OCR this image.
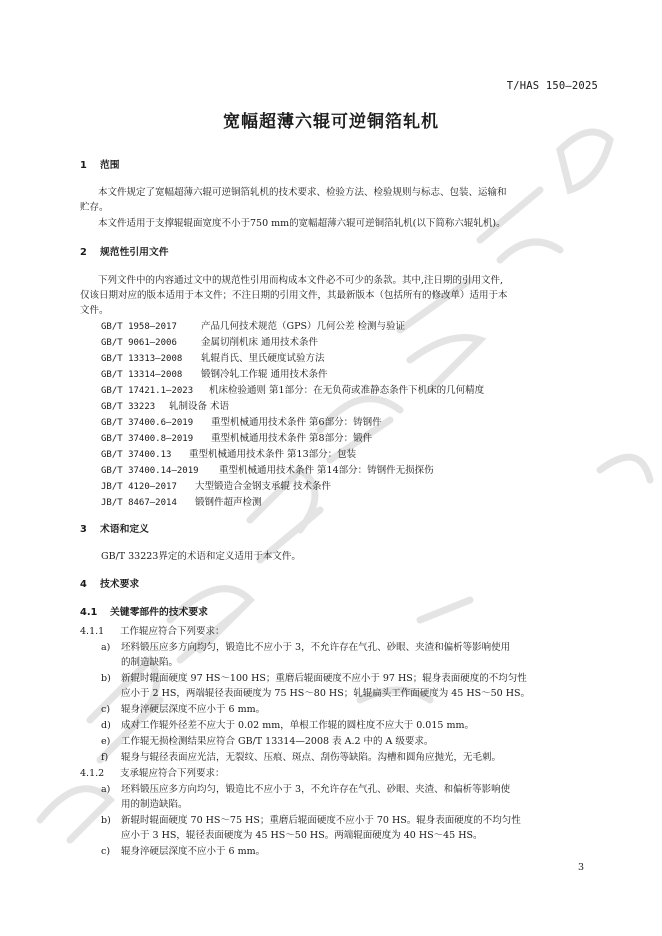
T/HAS 150—2025
宽幅超薄六辊可逆铜箔轧机
1 范围
本文件规定了宽幅超薄六辊可逆铜箔轧机的技术要求、检验方法、检验规则与标志、包装、运输和
贮存。
本文件适用于支撑辊辊面宽度不小于750 mm的宽幅超薄六辊可逆铜箔轧机(以下简称六辊轧机)。
2 规范性引用文件
下列文件中的内容通过文中的规范性引用而构成本文件必不可少的条款。其中,注日期的引用文件,
仅该日期对应的版本适用于本文件；不注日期的引用文件，其最新版本（包括所有的修改单）适用于本
文件。
GB/T 1958—2017	产品几何技术规范（GPS）几何公差 检测与验证
GB/T 9061—2006	金属切削机床 通用技术条件
GB/T 13313—2008 轧辊肖氏、里氏硬度试验方法
GB/T 13314—2008 锻钢冷轧工作辊 通用技术条件
GB/T 17421.1—2023 机床检验通则 第1部分：在无负荷或准静态条件下机床的几何精度
GB/T 33223 轧制设备 术语
GB/T 37400.6—2019 重型机械通用技术条件 第6部分：铸钢件
GB/T 37400.8—2019 重型机械通用技术条件 第8部分：锻件
GB/T 37400.13 重型机械通用技术条件 第13部分：包装
GB/T 37400.14—2019 重型机械通用技术条件 第14部分：铸钢件无损探伤
JB/T 4120—2017 大型锻造合金钢支承辊 技术条件
JB/T 8467—2014 锻钢件超声检测
3 术语和定义
GB/T 33223界定的术语和定义适用于本文件。
4 技术要求
4.1 关键零部件的技术要求
4.1.1 工作辊应符合下列要求：
a) 坯料锻压应多方向均匀，锻造比不应小于 3，不允许存在气孔、砂眼、夹渣和偏析等影响使用
的制造缺陷。
b) 新辊时辊面硬度 97 HS～100 HS；重磨后辊面硬度不应小于 97 HS；辊身表面硬度的不均匀性
应小于 2 HS，两端辊径表面硬度为 75 HS～80 HS；轧辊扁头工作面硬度为 45 HS～50 HS。
c) 辊身淬硬层深度不应小于 6 mm。
d) 成对工作辊外径差不应大于 0.02 mm，单根工作辊的圆柱度不应大于 0.015 mm。
e) 工作辊无损检测结果应符合 GB/T 13314—2008 表 A.2 中的 A 级要求。
f) 辊身与辊径表面应光洁，无裂纹、压痕、斑点、刮伤等缺陷。沟槽和圆角应抛光，无毛刺。
4.1.2 支承辊应符合下列要求：
a) 坯料锻压应多方向均匀，锻造比不应小于 3，不允许存在气孔、砂眼、夹渣、和偏析等影响使
用的制造缺陷。
b) 新辊时辊面硬度 70 HS～75 HS；重磨后辊面硬度不应小于 70 HS。辊身表面硬度的不均匀性
应小于 3 HS，辊径表面硬度为 45 HS～50 HS。两端辊面硬度为 40 HS～45 HS。
c) 辊身淬硬层深度不应小于 6 mm。
3
